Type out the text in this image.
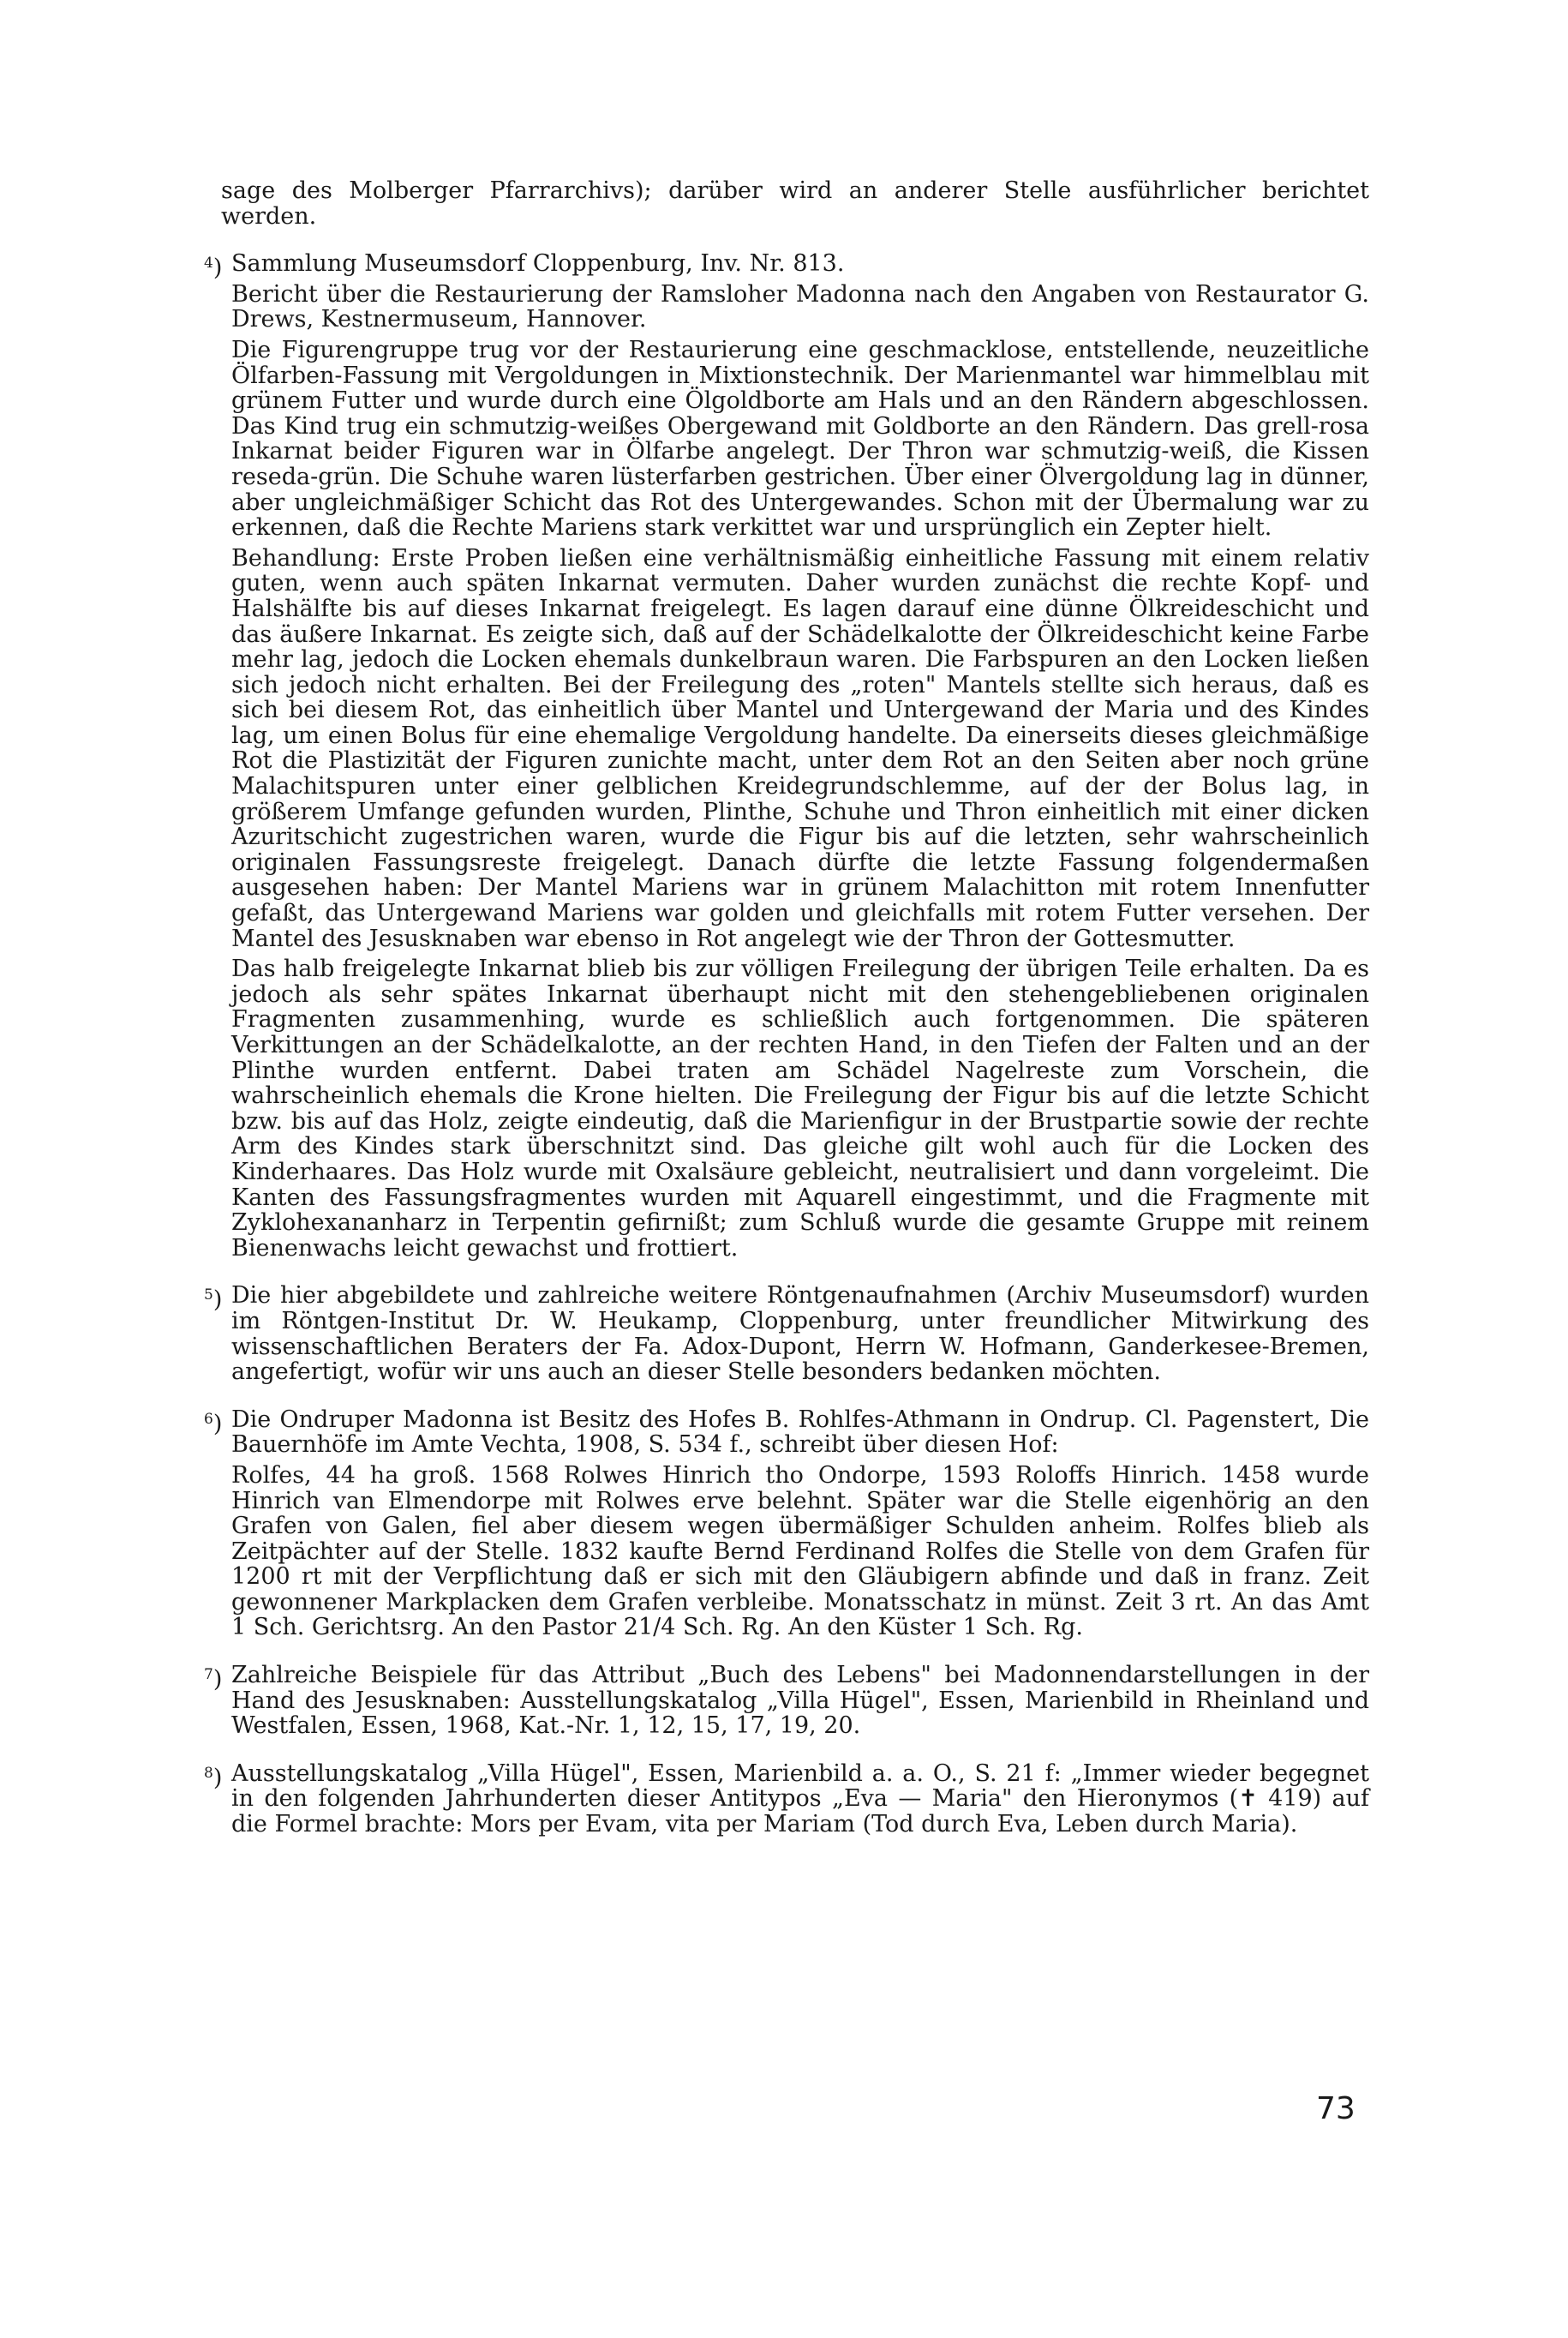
sage des Molberger Pfarrarchivs); darüber wird an anderer Stelle ausführlicher berichtet werden.

$^4$) Sammlung Museumsdorf Cloppenburg, Inv. Nr. 813.

Bericht über die Restaurierung der Ramsloher Madonna nach den Angaben von Restaurator G. Drews, Kestnermuseum, Hannover.

Die Figurengruppe trug vor der Restaurierung eine geschmacklose, entstellende, neuzeitliche Ölfarben-Fassung mit Vergoldungen in Mixtionstechnik. Der Marienmantel war himmelblau mit grünem Futter und wurde durch eine Ölgoldborte am Hals und an den Rändern abgeschlossen. Das Kind trug ein schmutzig-weißes Obergewand mit Goldborte an den Rändern. Das grell-rosa Inkarnat beider Figuren war in Ölfarbe angelegt. Der Thron war schmutzig-weiß, die Kissen reseda-grün. Die Schuhe waren lüsterfarben gestrichen. Über einer Ölvergoldung lag in dünner, aber ungleichmäßiger Schicht das Rot des Untergewandes. Schon mit der Übermalung war zu erkennen, daß die Rechte Mariens stark verkittet war und ursprünglich ein Zepter hielt.

Behandlung: Erste Proben ließen eine verhältnismäßig einheitliche Fassung mit einem relativ guten, wenn auch späten Inkarnat vermuten. Daher wurden zunächst die rechte Kopf- und Halshälfte bis auf dieses Inkarnat freigelegt. Es lagen darauf eine dünne Ölkreideschicht und das äußere Inkarnat. Es zeigte sich, daß auf der Schädelkalotte der Ölkreideschicht keine Farbe mehr lag, jedoch die Locken ehemals dunkelbraun waren. Die Farbspuren an den Locken ließen sich jedoch nicht erhalten. Bei der Freilegung des „roten" Mantels stellte sich heraus, daß es sich bei diesem Rot, das einheitlich über Mantel und Untergewand der Maria und des Kindes lag, um einen Bolus für eine ehemalige Vergoldung handelte. Da einerseits dieses gleichmäßige Rot die Plastizität der Figuren zunichte macht, unter dem Rot an den Seiten aber noch grüne Malachitspuren unter einer gelblichen Kreidegrundschlemme, auf der der Bolus lag, in größerem Umfange gefunden wurden, Plinthe, Schuhe und Thron einheitlich mit einer dicken Azuritschicht zugestrichen waren, wurde die Figur bis auf die letzten, sehr wahrscheinlich originalen Fassungsreste freigelegt. Danach dürfte die letzte Fassung folgendermaßen ausgesehen haben: Der Mantel Mariens war in grünem Malachitton mit rotem Innenfutter gefaßt, das Untergewand Mariens war golden und gleichfalls mit rotem Futter versehen. Der Mantel des Jesusknaben war ebenso in Rot angelegt wie der Thron der Gottesmutter.

Das halb freigelegte Inkarnat blieb bis zur völligen Freilegung der übrigen Teile erhalten. Da es jedoch als sehr spätes Inkarnat überhaupt nicht mit den stehengebliebenen originalen Fragmenten zusammenhing, wurde es schließlich auch fortgenommen. Die späteren Verkittungen an der Schädelkalotte, an der rechten Hand, in den Tiefen der Falten und an der Plinthe wurden entfernt. Dabei traten am Schädel Nagelreste zum Vorschein, die wahrscheinlich ehemals die Krone hielten. Die Freilegung der Figur bis auf die letzte Schicht bzw. bis auf das Holz, zeigte eindeutig, daß die Marienfigur in der Brustpartie sowie der rechte Arm des Kindes stark überschnitzt sind. Das gleiche gilt wohl auch für die Locken des Kinderhaares. Das Holz wurde mit Oxalsäure gebleicht, neutralisiert und dann vorgeleimt. Die Kanten des Fassungsfragmentes wurden mit Aquarell eingestimmt, und die Fragmente mit Zyklohexananharz in Terpentin gefirnißt; zum Schluß wurde die gesamte Gruppe mit reinem Bienenwachs leicht gewachst und frottiert.

$^5$) Die hier abgebildete und zahlreiche weitere Röntgenaufnahmen (Archiv Museumsdorf) wurden im Röntgen-Institut Dr. W. Heukamp, Cloppenburg, unter freundlicher Mitwirkung des wissenschaftlichen Beraters der Fa. Adox-Dupont, Herrn W. Hofmann, Ganderkesee-Bremen, angefertigt, wofür wir uns auch an dieser Stelle besonders bedanken möchten.

$^6$) Die Ondruper Madonna ist Besitz des Hofes B. Rohlfes-Athmann in Ondrup. Cl. Pagenstert, Die Bauernhöfe im Amte Vechta, 1908, S. 534 f., schreibt über diesen Hof:

Rolfes, 44 ha groß. 1568 Rolwes Hinrich tho Ondorpe, 1593 Roloffs Hinrich. 1458 wurde Hinrich van Elmendorpe mit Rolwes erve belehnt. Später war die Stelle eigenhörig an den Grafen von Galen, fiel aber diesem wegen übermäßiger Schulden anheim. Rolfes blieb als Zeitpächter auf der Stelle. 1832 kaufte Bernd Ferdinand Rolfes die Stelle von dem Grafen für 1200 rt mit der Verpflichtung daß er sich mit den Gläubigern abfinde und daß in franz. Zeit gewonnener Markplacken dem Grafen verbleibe. Monatsschatz in münst. Zeit 3 rt. An das Amt 1 Sch. Gerichtsrg. An den Pastor 21/4 Sch. Rg. An den Küster 1 Sch. Rg.

$^7$) Zahlreiche Beispiele für das Attribut „Buch des Lebens" bei Madonnendarstellungen in der Hand des Jesusknaben: Ausstellungskatalog „Villa Hügel", Essen, Marienbild in Rheinland und Westfalen, Essen, 1968, Kat.-Nr. 1, 12, 15, 17, 19, 20.

$^8$) Ausstellungskatalog „Villa Hügel", Essen, Marienbild a. a. O., S. 21 f: „Immer wieder begegnet in den folgenden Jahrhunderten dieser Antitypos „Eva — Maria" den Hieronymos (✝ 419) auf die Formel brachte: Mors per Evam, vita per Mariam (Tod durch Eva, Leben durch Maria).

73
